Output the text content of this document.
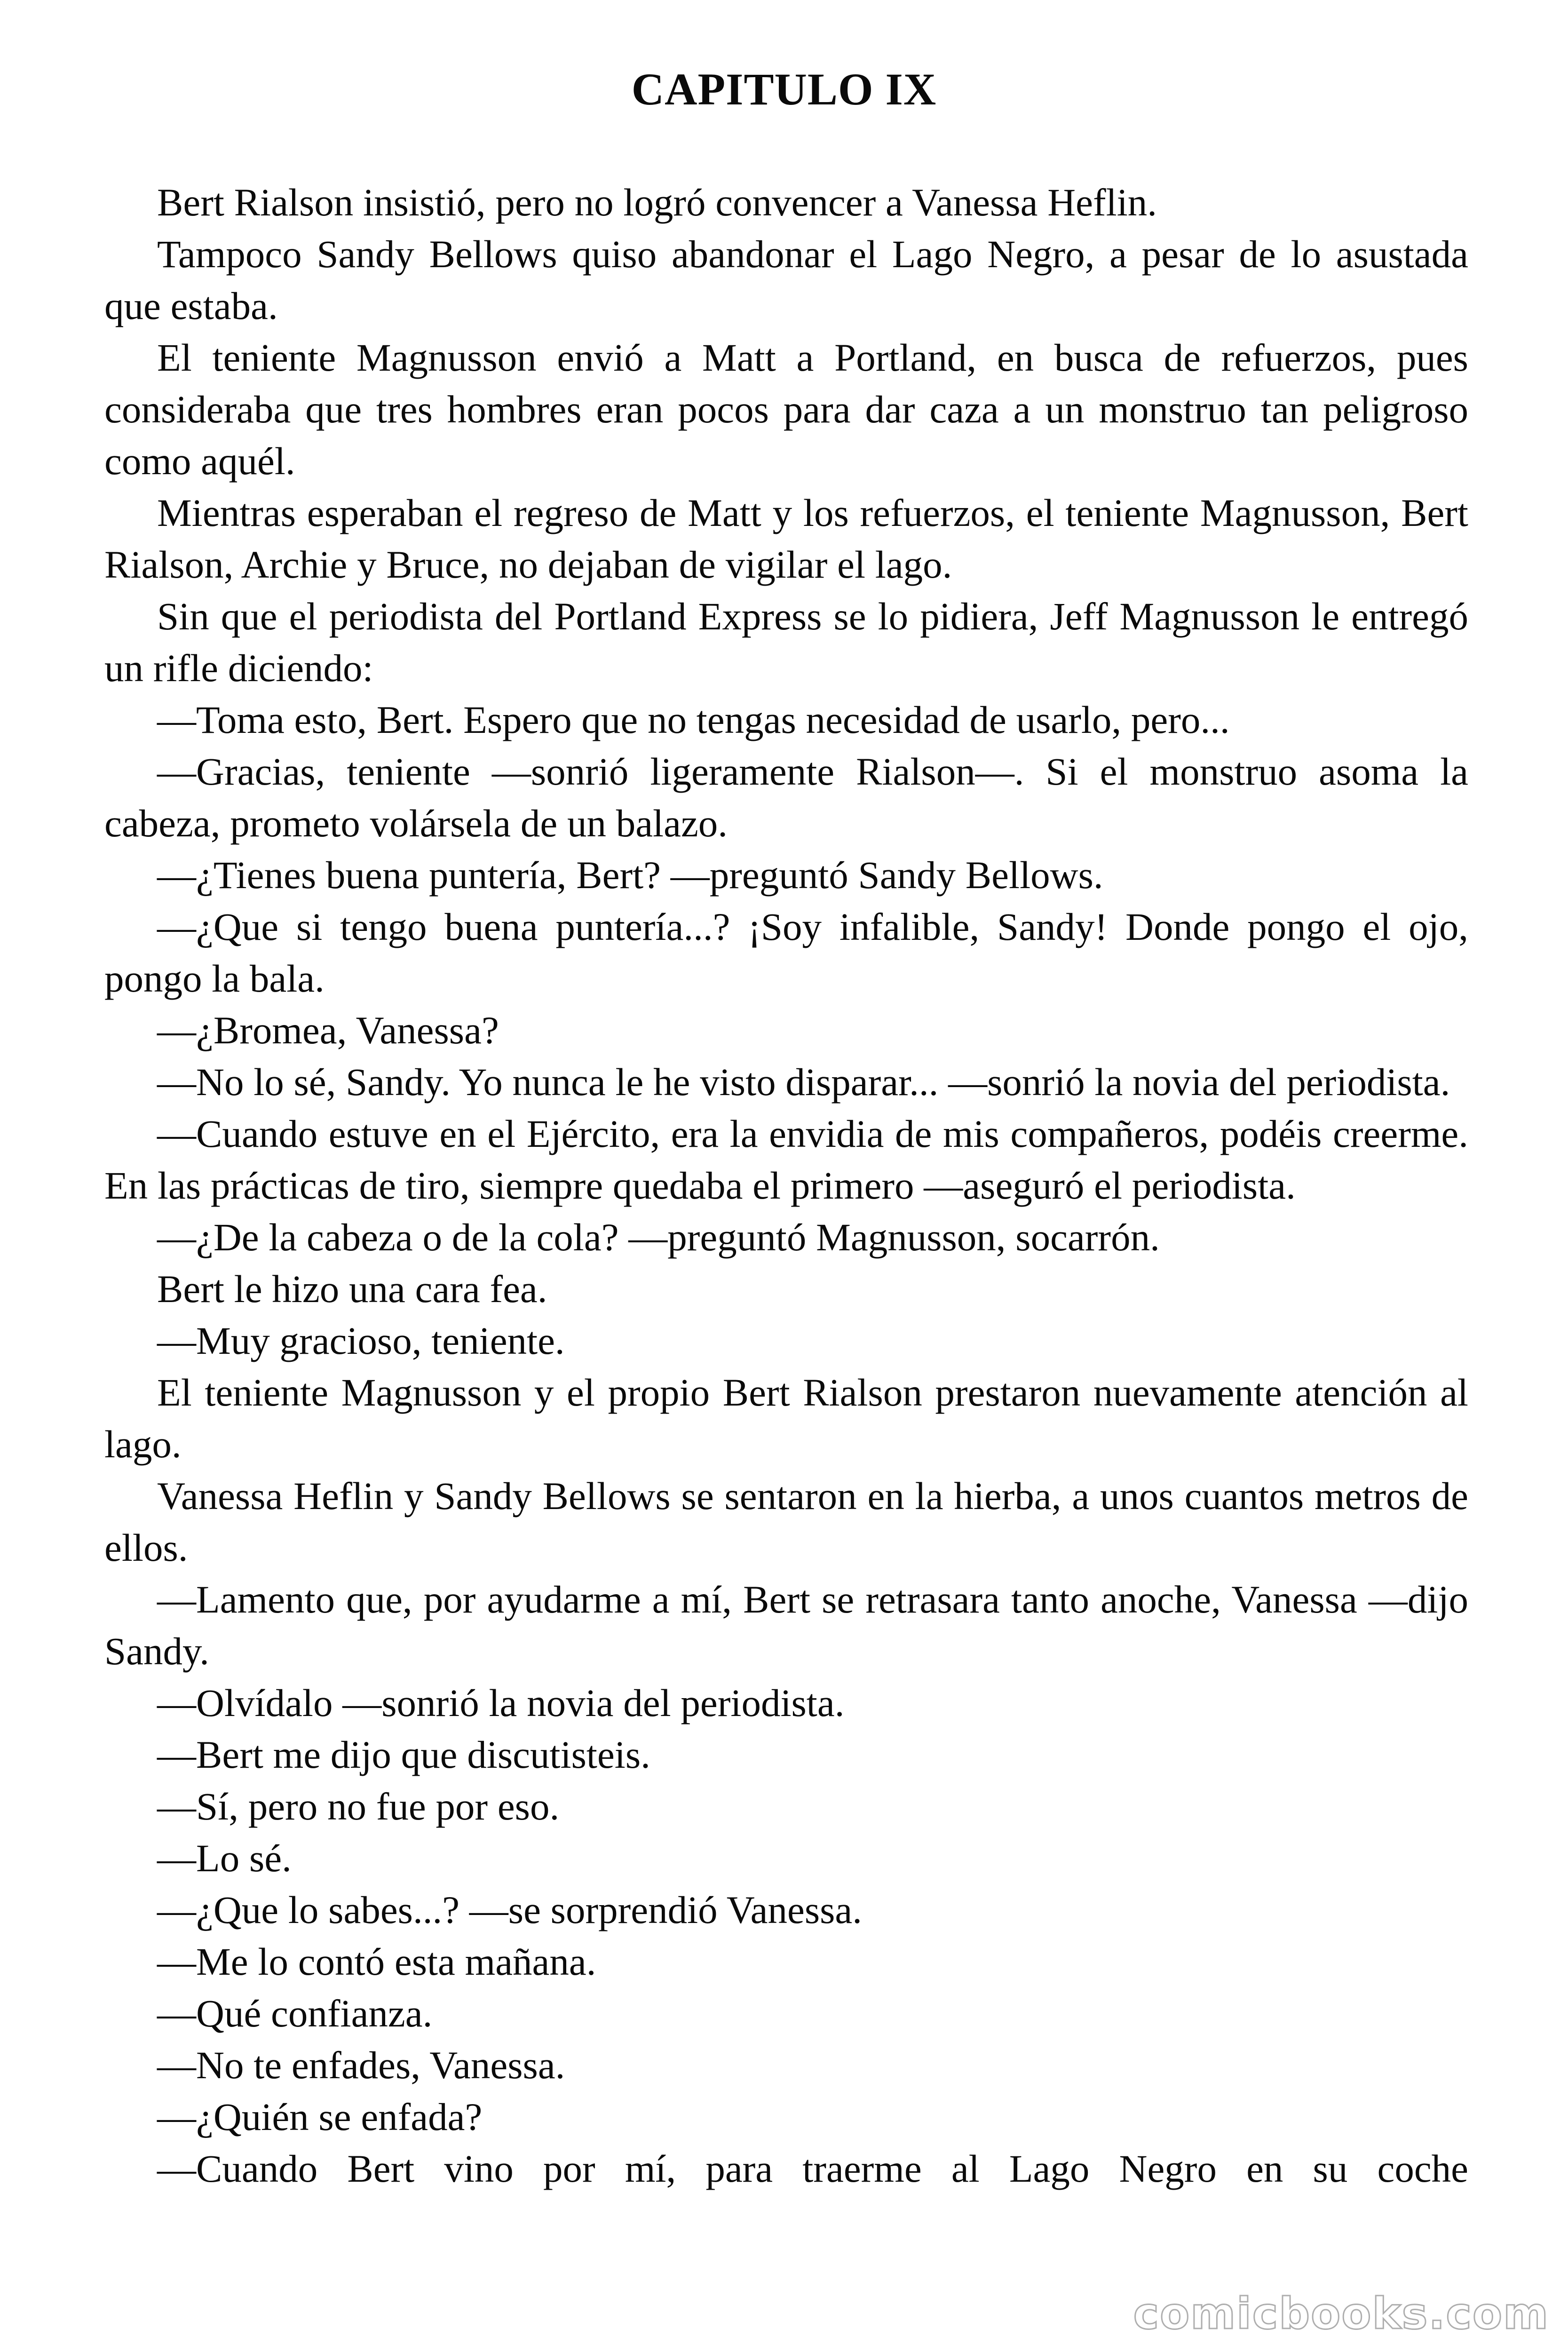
CAPITULO IX

Bert Rialson insistió, pero no logró convencer a Vanessa Heflin.

Tampoco Sandy Bellows quiso abandonar el Lago Negro, a pesar de lo asustada que estaba.

El teniente Magnusson envió a Matt a Portland, en busca de refuerzos, pues consideraba que tres hombres eran pocos para dar caza a un monstruo tan peligroso como aquél.

Mientras esperaban el regreso de Matt y los refuerzos, el teniente Magnusson, Bert Rialson, Archie y Bruce, no dejaban de vigilar el lago.

Sin que el periodista del Portland Express se lo pidiera, Jeff Magnusson le entregó un rifle diciendo:

—Toma esto, Bert. Espero que no tengas necesidad de usarlo, pero...

—Gracias, teniente —sonrió ligeramente Rialson—. Si el monstruo asoma la cabeza, prometo volársela de un balazo.

—¿Tienes buena puntería, Bert? —preguntó Sandy Bellows.

—¿Que si tengo buena puntería...? ¡Soy infalible, Sandy! Donde pongo el ojo, pongo la bala.

—¿Bromea, Vanessa?

—No lo sé, Sandy. Yo nunca le he visto disparar... —sonrió la novia del periodista.

—Cuando estuve en el Ejército, era la envidia de mis compañeros, podéis creerme. En las prácticas de tiro, siempre quedaba el primero —aseguró el periodista.

—¿De la cabeza o de la cola? —preguntó Magnusson, socarrón.

Bert le hizo una cara fea.

—Muy gracioso, teniente.

El teniente Magnusson y el propio Bert Rialson prestaron nuevamente atención al lago.

Vanessa Heflin y Sandy Bellows se sentaron en la hierba, a unos cuantos metros de ellos.

—Lamento que, por ayudarme a mí, Bert se retrasara tanto anoche, Vanessa —dijo Sandy.

—Olvídalo —sonrió la novia del periodista.

—Bert me dijo que discutisteis.

—Sí, pero no fue por eso.

—Lo sé.

—¿Que lo sabes...? —se sorprendió Vanessa.

—Me lo contó esta mañana.

—Qué confianza.

—No te enfades, Vanessa.

—¿Quién se enfada?

—Cuando Bert vino por mí, para traerme al Lago Negro en su coche

comicbooks.com
